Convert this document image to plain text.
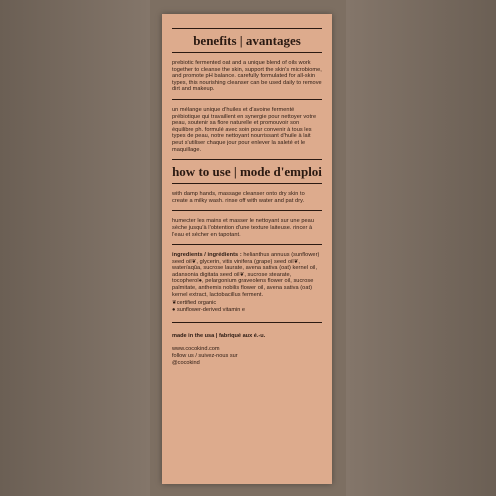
benefits | avantages
prebiotic fermented oat and a unique blend of oils work together to cleanse the skin, support the skin's microbiome, and promote pH balance. carefully formulated for all-skin types, this nourishing cleanser can be used daily to remove dirt and makeup.
un mélange unique d'huiles et d'avoine fermenté prébiotique qui travaillent en synergie pour nettoyer votre peau, soutenir sa flore naturelle et promouvoir son équilibre ph. formulé avec soin pour convenir à tous les types de peau, notre nettoyant nourrissant d'huile à lait peut s'utiliser chaque jour pour enlever la saleté et le maquillage.
how to use | mode d'emploi
with damp hands, massage cleanser onto dry skin to create a milky wash. rinse off with water and pat dry.
humecter les mains et masser le nettoyant sur une peau sèche jusqu'à l'obtention d'une texture laiteuse. rincer à l'eau et sécher en tapotant.
ingredients / ingrédients : helianthus annuus (sunflower) seed oil❦, glycerin, vitis vinifera (grape) seed oil❦, water/aqûa, sucrose laurate, avena sativa (oat) kernel oil, adansonia digitata seed oil❦, sucrose stearate, tocopherol●, pelargonium graveolens flower oil, sucrose palmitate, anthemis nobilis flower oil, avena sativa (oat) kernel extract, lactobacillus ferment.
❦certified organic
● sunflower-derived vitamin e
made in the usa | fabriqué aux é.-u.
www.cocokind.com
follow us / suivez-nous sur
@cocokind
